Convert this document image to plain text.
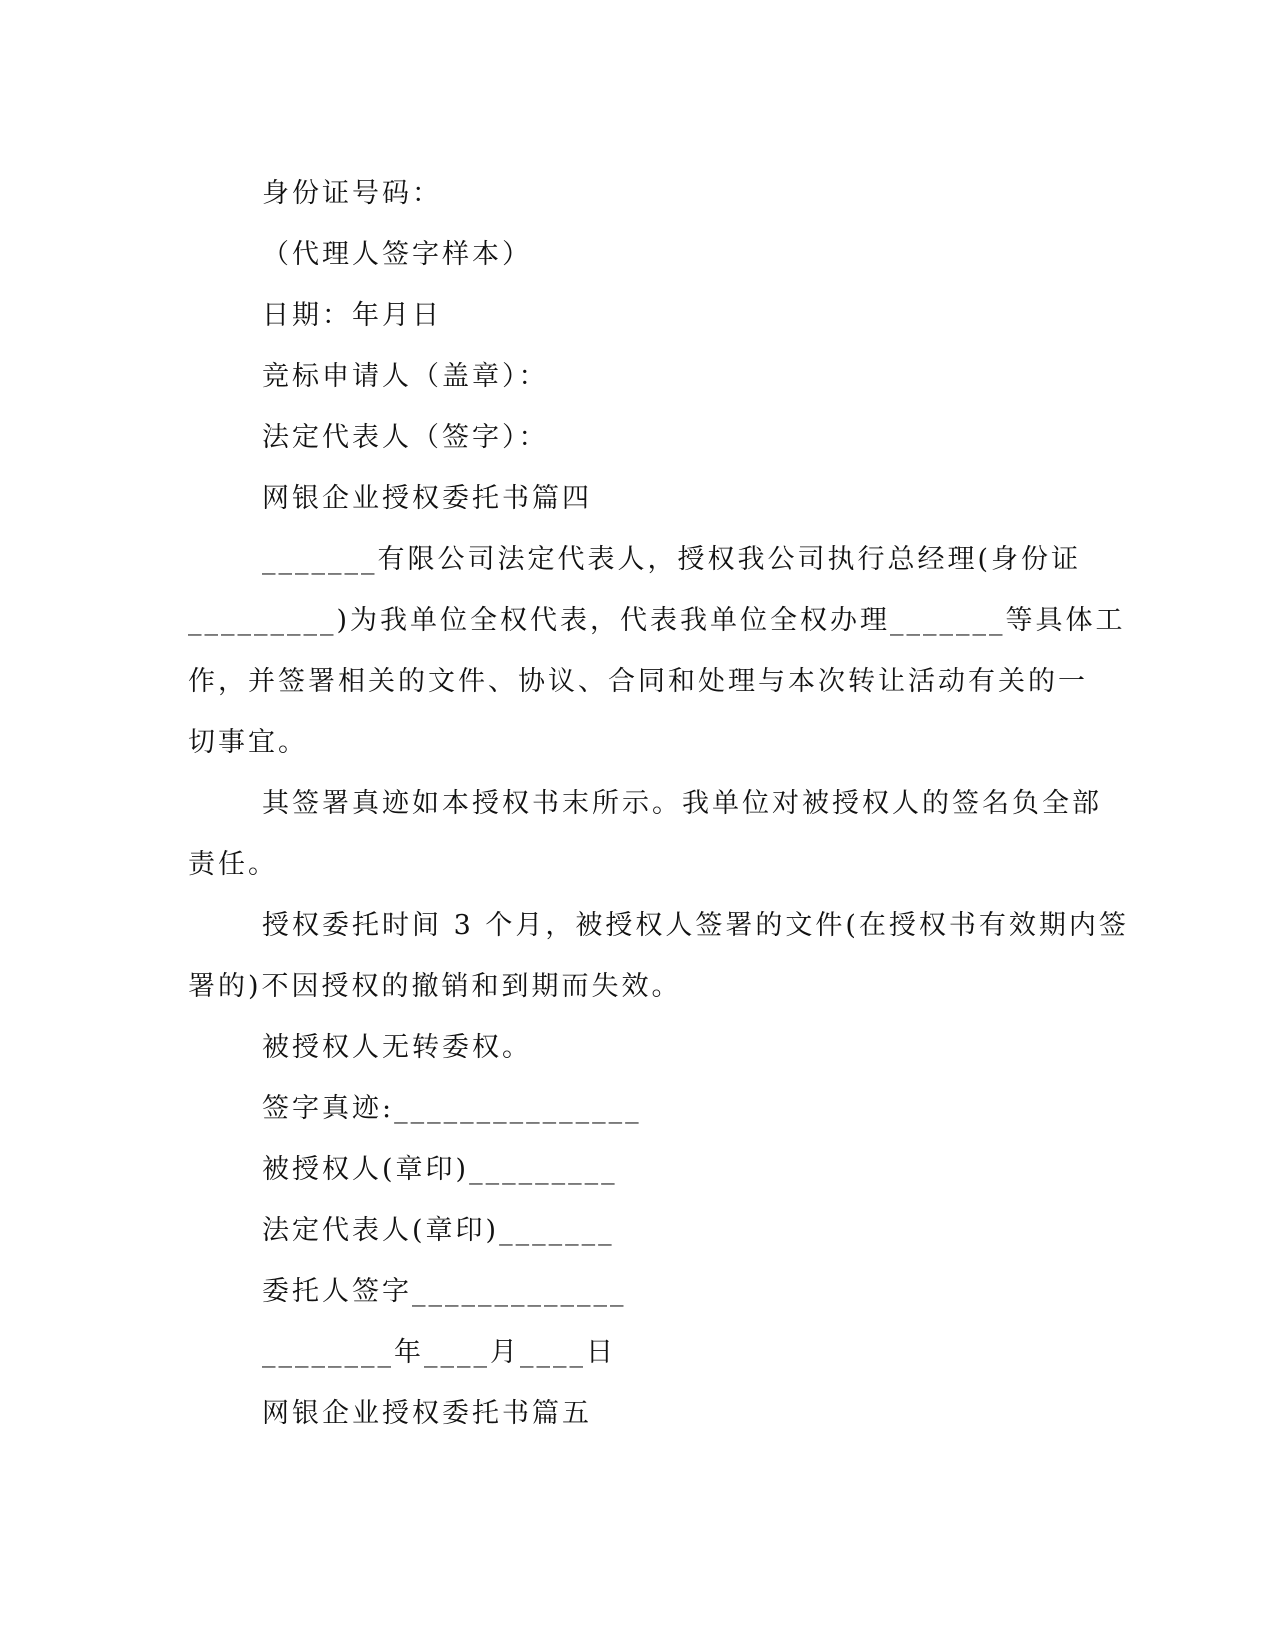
身份证号码：
（代理人签字样本）
日期：年月日
竞标申请人（盖章）：
法定代表人（签字）：
网银企业授权委托书篇四
_______有限公司法定代表人，授权我公司执行总经理(身份证
_________)为我单位全权代表，代表我单位全权办理_______等具体工
作，并签署相关的文件、协议、合同和处理与本次转让活动有关的一
切事宜。
其签署真迹如本授权书末所示。我单位对被授权人的签名负全部
责任。
授权委托时间 3 个月，被授权人签署的文件(在授权书有效期内签
署的)不因授权的撤销和到期而失效。
被授权人无转委权。
签字真迹:_______________
被授权人(章印)_________
法定代表人(章印)_______
委托人签字_____________
________年____月____日
网银企业授权委托书篇五
